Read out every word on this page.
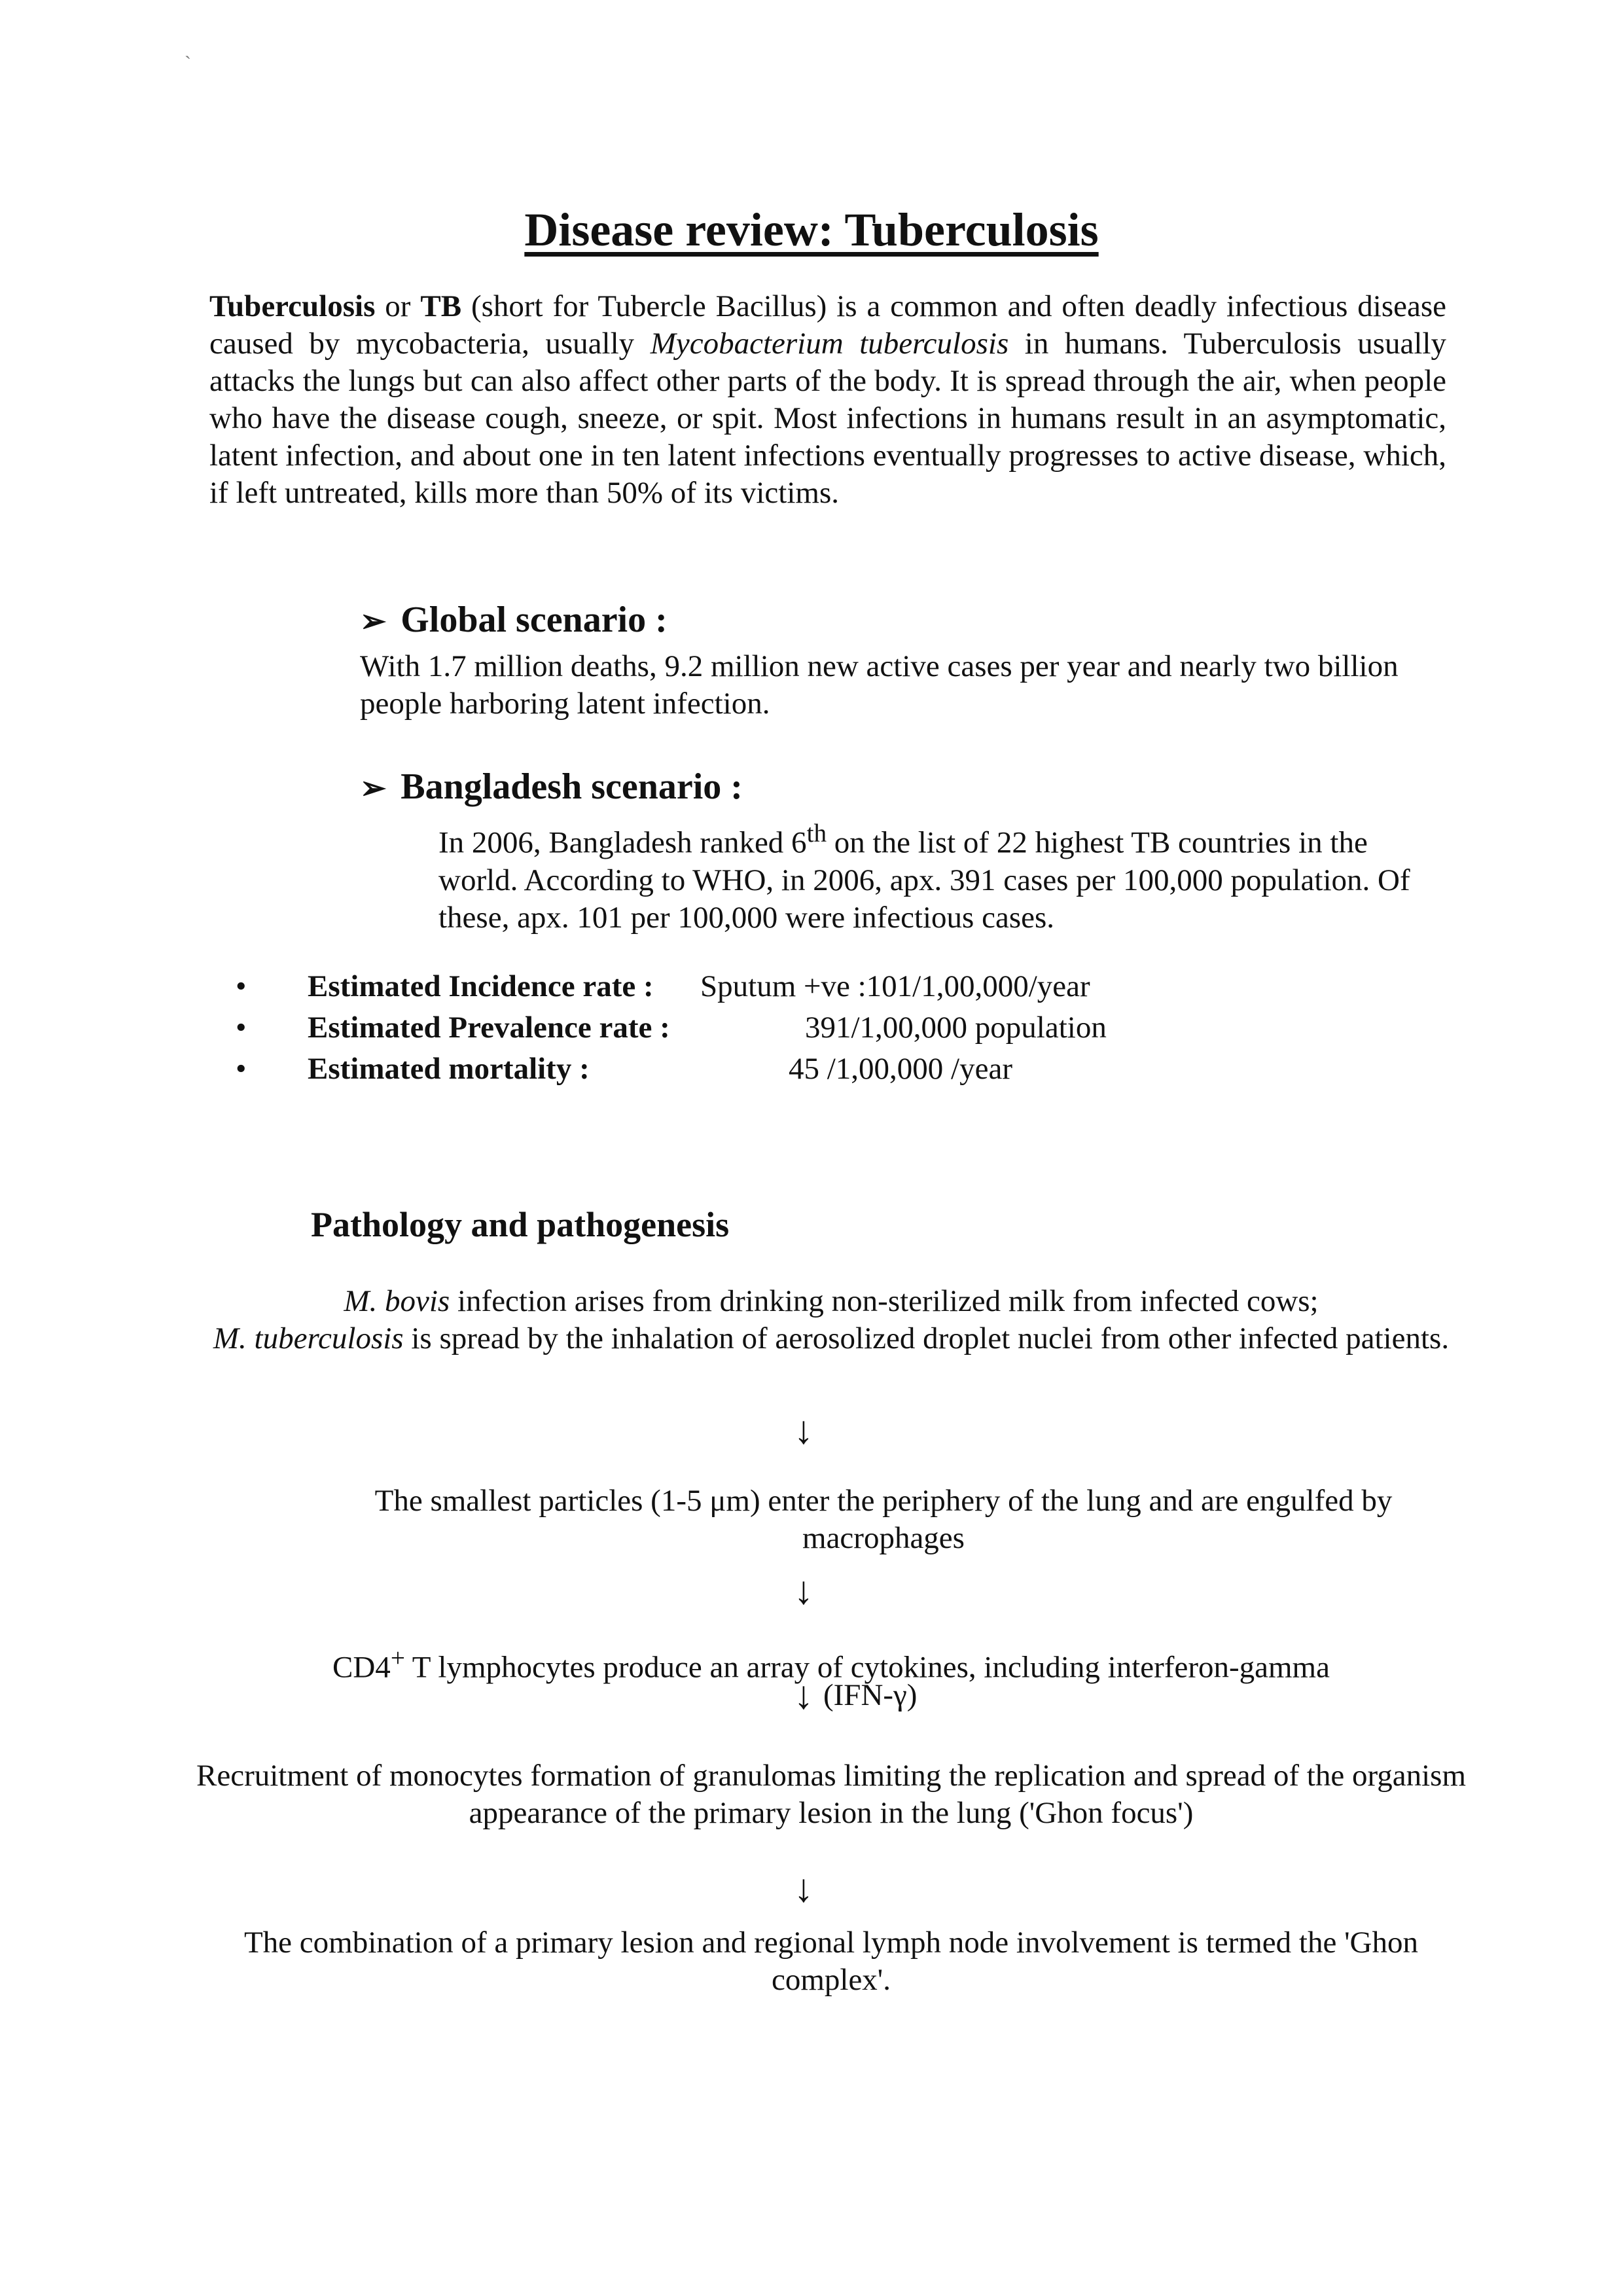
`
Disease review: Tuberculosis
Tuberculosis or TB (short for Tubercle Bacillus) is a common and often deadly infectious disease caused by mycobacteria, usually Mycobacterium tuberculosis in humans. Tuberculosis usually attacks the lungs but can also affect other parts of the body. It is spread through the air, when people who have the disease cough, sneeze, or spit. Most infections in humans result in an asymptomatic, latent infection, and about one in ten latent infections eventually progresses to active disease, which, if left untreated, kills more than 50% of its victims.
➢ Global scenario :
With 1.7 million deaths, 9.2 million new active cases per year and nearly two billion people harboring latent infection.
➢ Bangladesh scenario :
In 2006, Bangladesh ranked 6th on the list of 22 highest TB countries in the world. According to WHO, in 2006, apx. 391 cases per 100,000 population. Of these, apx. 101 per 100,000 were infectious cases.
• Estimated Incidence rate : Sputum +ve :101/1,00,000/year
• Estimated Prevalence rate :	391/1,00,000 population
• Estimated mortality :	45 /1,00,000 /year
Pathology and pathogenesis
M. bovis infection arises from drinking non-sterilized milk from infected cows;
M. tuberculosis is spread by the inhalation of aerosolized droplet nuclei from other infected patients.
↓
The smallest particles (1-5 μm) enter the periphery of the lung and are engulfed by macrophages
↓
CD4+ T lymphocytes produce an array of cytokines, including interferon-gamma
↓ (IFN-γ)
Recruitment of monocytes formation of granulomas limiting the replication and spread of the organism appearance of the primary lesion in the lung ('Ghon focus')
↓
The combination of a primary lesion and regional lymph node involvement is termed the 'Ghon complex'.
